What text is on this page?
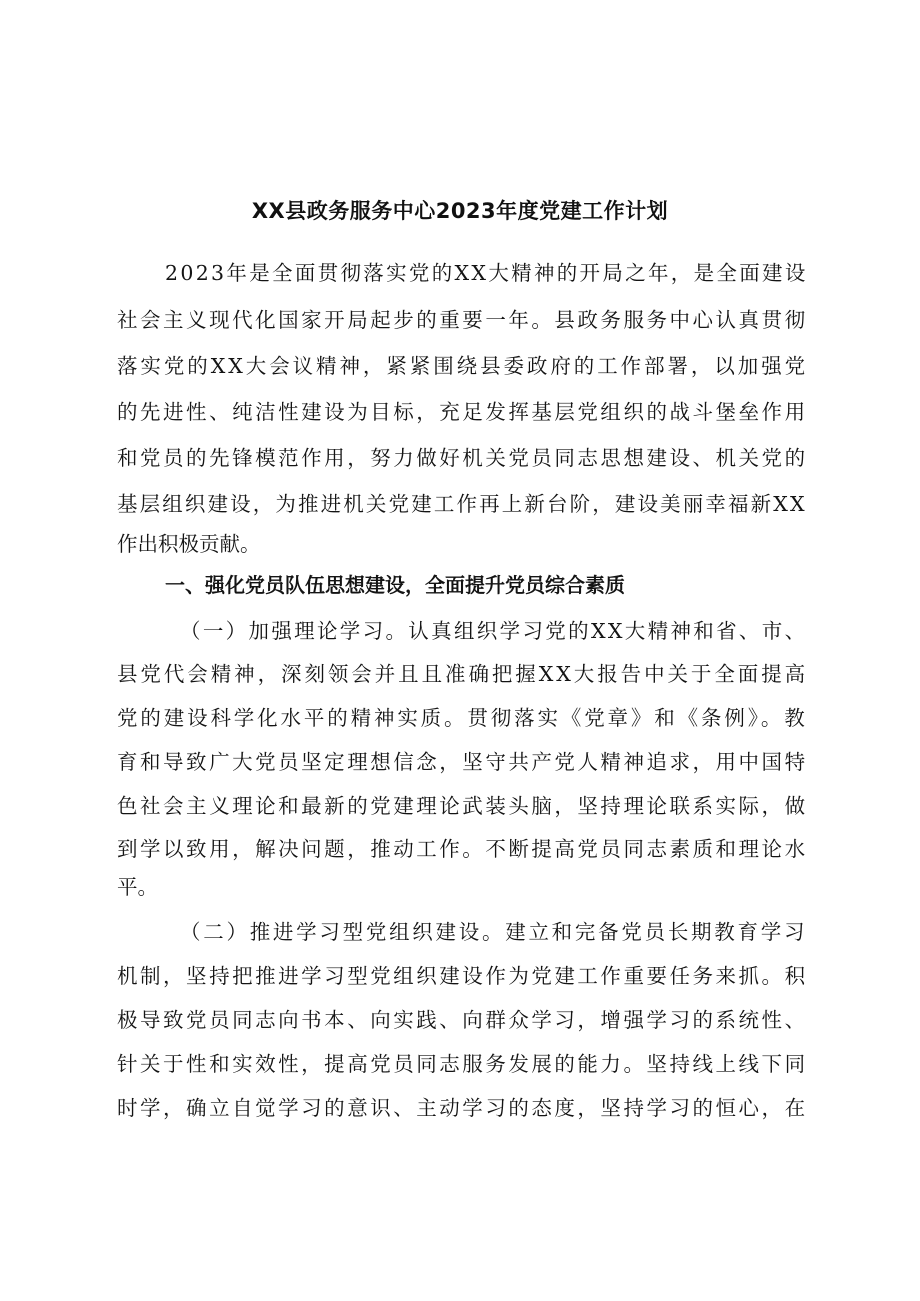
XX县政务服务中心2023年度党建工作计划

2023年是全面贯彻落实党的XX大精神的开局之年，是全面建设

社会主义现代化国家开局起步的重要一年。县政务服务中心认真贯彻

落实党的XX大会议精神，紧紧围绕县委政府的工作部署，以加强党

的先进性、纯洁性建设为目标，充足发挥基层党组织的战斗堡垒作用

和党员的先锋模范作用，努力做好机关党员同志思想建设、机关党的

基层组织建设，为推进机关党建工作再上新台阶，建设美丽幸福新XX

作出积极贡献。

一、强化党员队伍思想建设，全面提升党员综合素质

（一）加强理论学习。认真组织学习党的XX大精神和省、市、

县党代会精神，深刻领会并且且准确把握XX大报告中关于全面提高

党的建设科学化水平的精神实质。贯彻落实《党章》和《条例》。教

育和导致广大党员坚定理想信念，坚守共产党人精神追求，用中国特

色社会主义理论和最新的党建理论武装头脑，坚持理论联系实际，做

到学以致用，解决问题，推动工作。不断提高党员同志素质和理论水

平。

（二）推进学习型党组织建设。建立和完备党员长期教育学习

机制，坚持把推进学习型党组织建设作为党建工作重要任务来抓。积

极导致党员同志向书本、向实践、向群众学习，增强学习的系统性、

针关于性和实效性，提高党员同志服务发展的能力。坚持线上线下同

时学，确立自觉学习的意识、主动学习的态度，坚持学习的恒心，在
